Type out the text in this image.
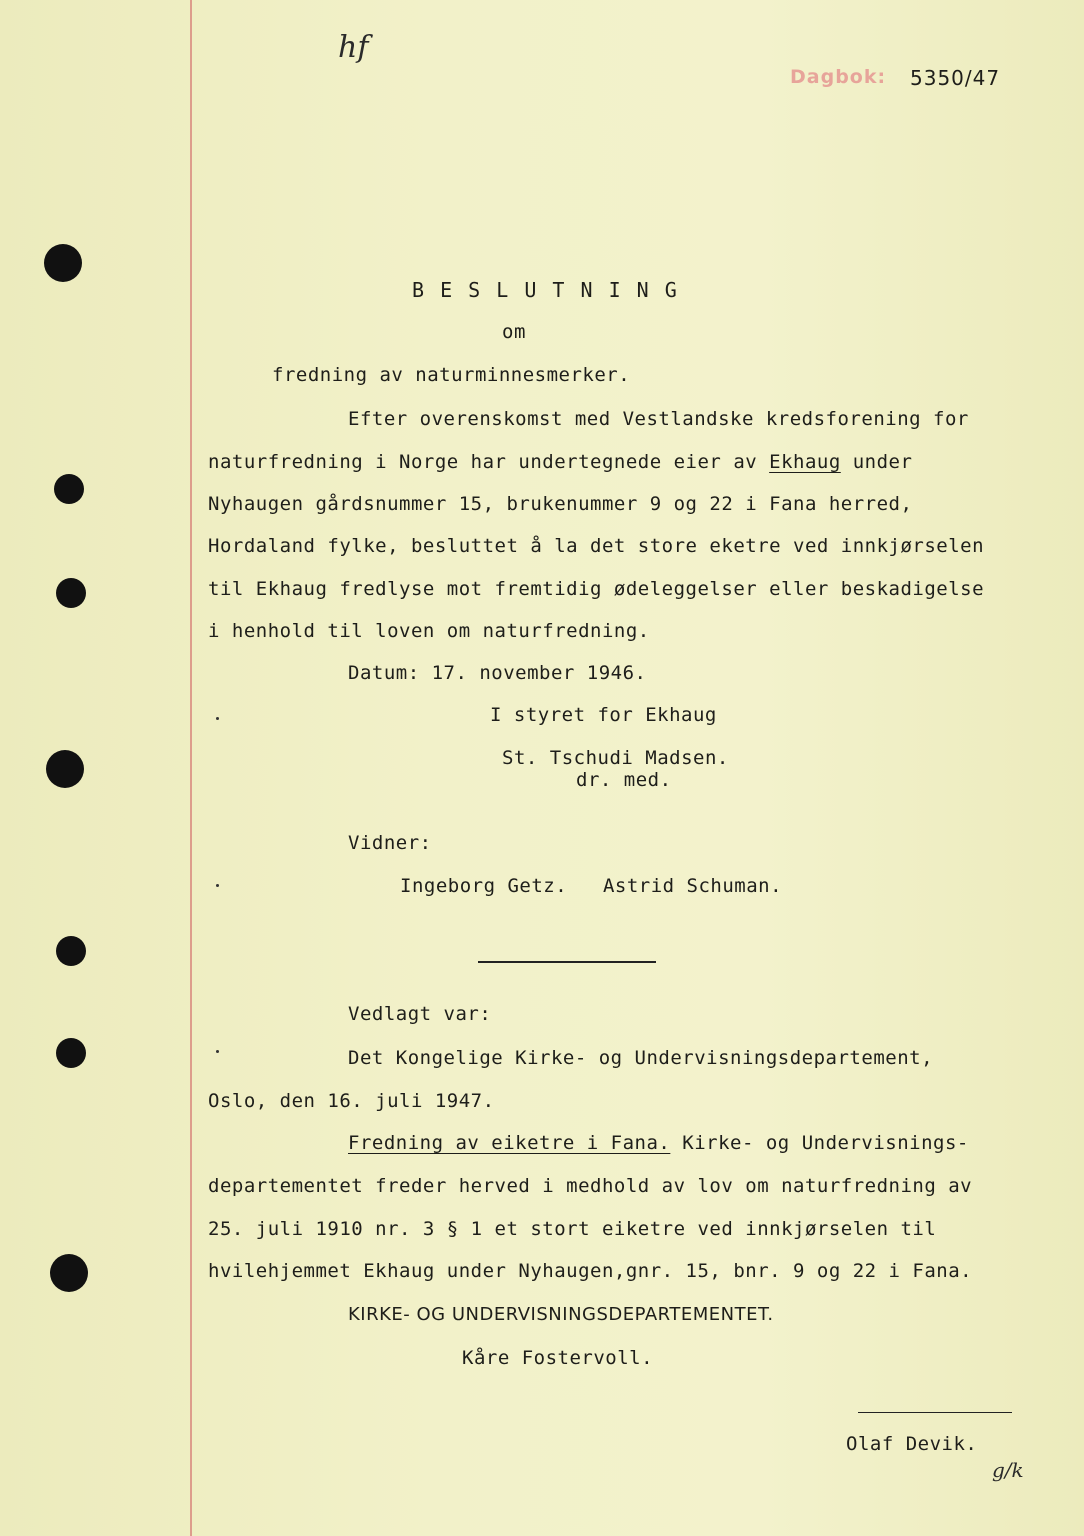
hf
Dagbok: 5350/47
B E S L U T N I N G
om
fredning av naturminnesmerker.
Efter overenskomst med Vestlandske kredsforening for
naturfredning i Norge har undertegnede eier av Ekhaug under
Nyhaugen gårdsnummer 15, brukenummer 9 og 22 i Fana herred,
Hordaland fylke, besluttet å la det store eketre ved innkjørselen
til Ekhaug fredlyse mot fremtidig ødeleggelser eller beskadigelse
i henhold til loven om naturfredning.
Datum: 17. november 1946.
I styret for Ekhaug
St. Tschudi Madsen.
dr. med.
Vidner:
Ingeborg Getz.   Astrid Schuman.
Vedlagt var:
Det Kongelige Kirke- og Undervisningsdepartement,
Oslo, den 16. juli 1947.
Fredning av eiketre i Fana. Kirke- og Undervisnings-
departementet freder herved i medhold av lov om naturfredning av
25. juli 1910 nr. 3 § 1 et stort eiketre ved innkjørselen til
hvilehjemmet Ekhaug under Nyhaugen,gnr. 15, bnr. 9 og 22 i Fana.
KIRKE- OG UNDERVISNINGSDEPARTEMENTET.
Kåre Fostervoll.
Olaf Devik.
g/k
